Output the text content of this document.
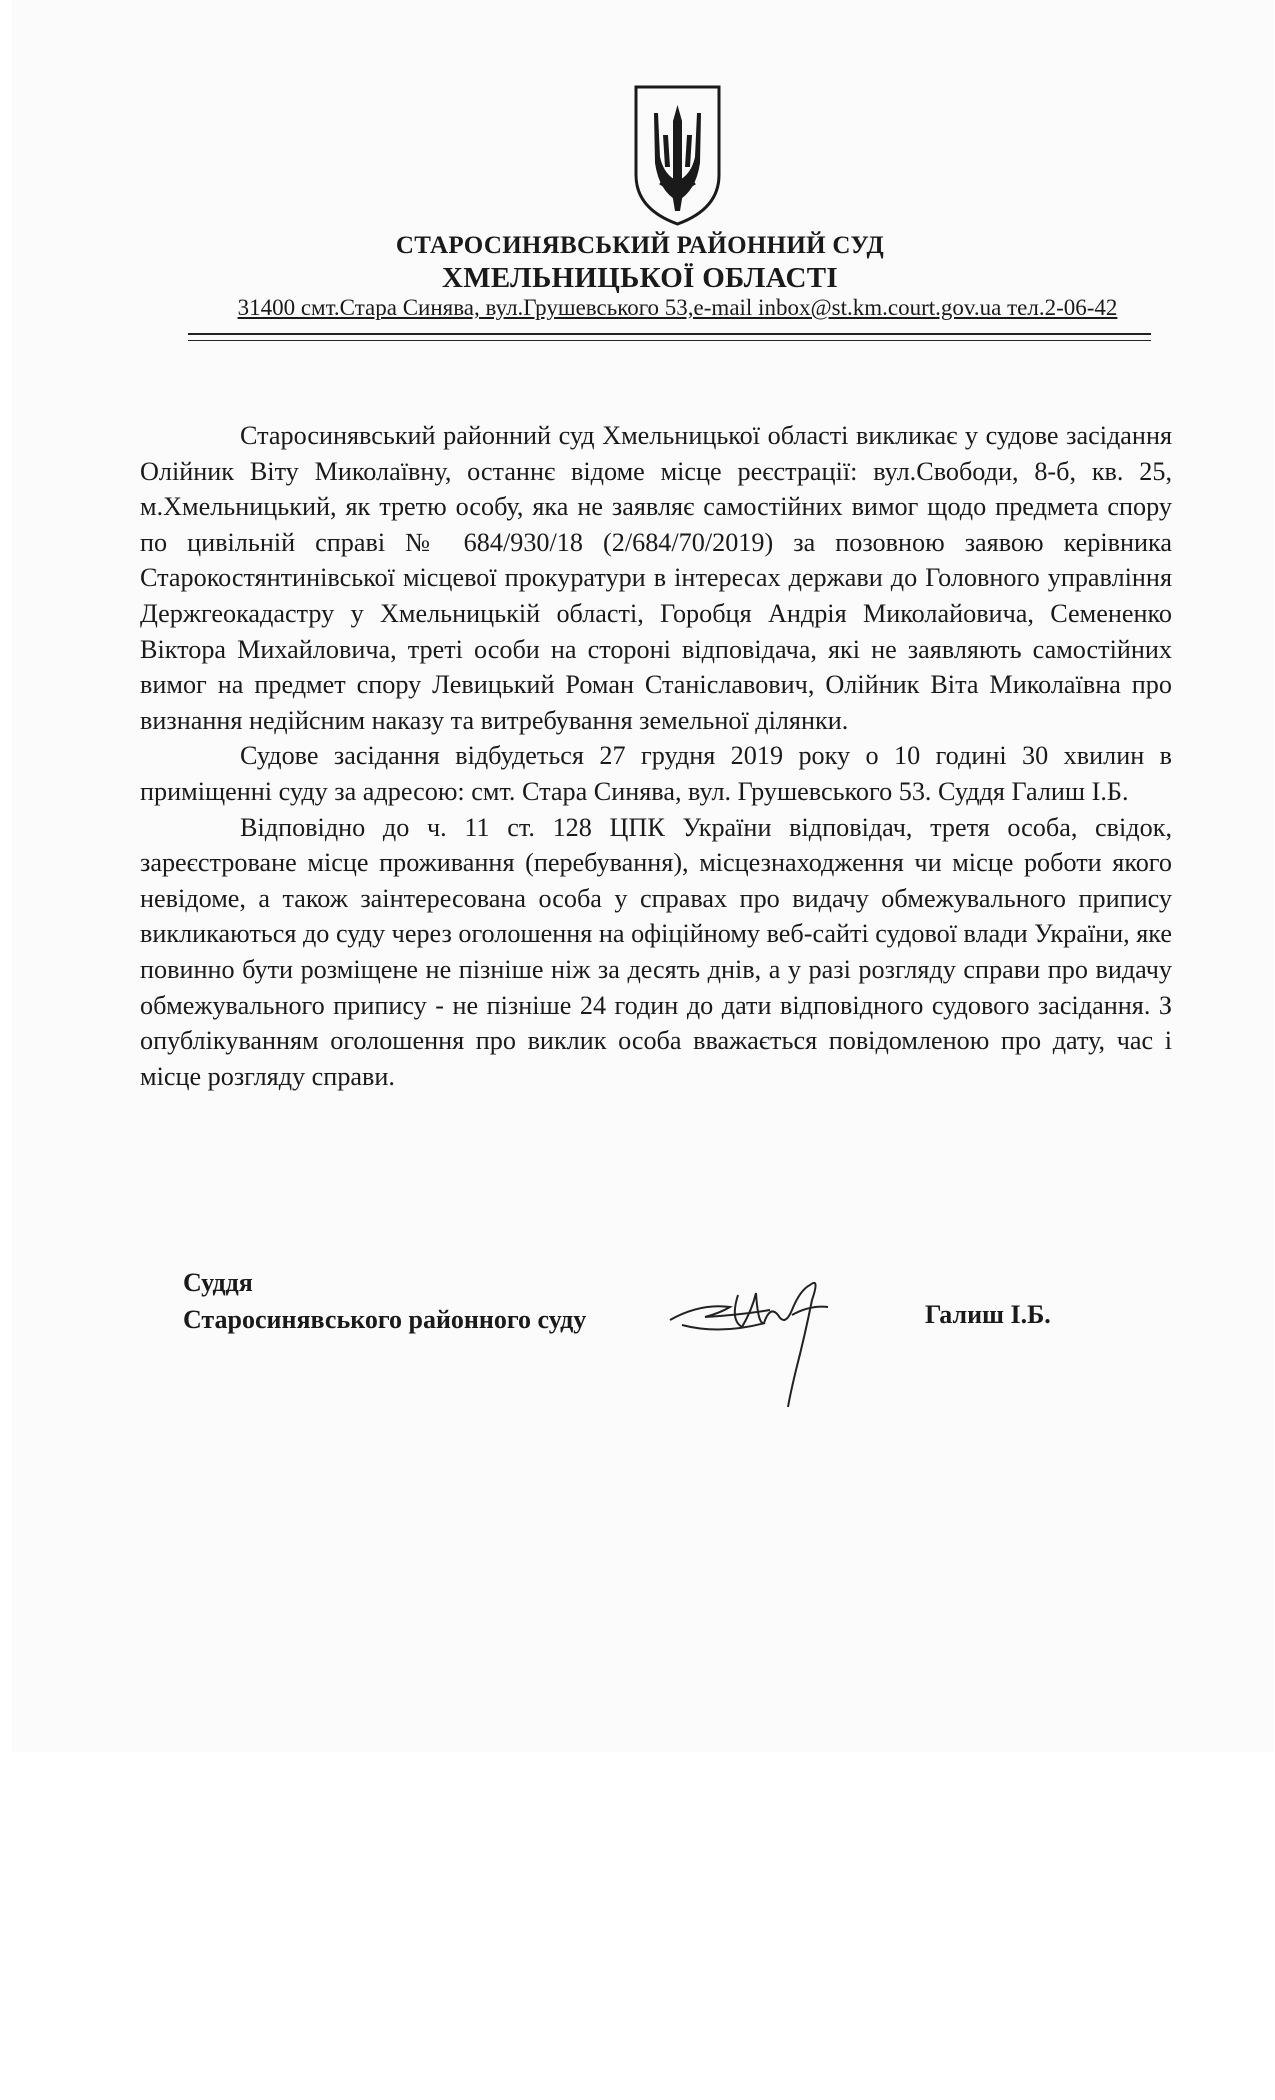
СТАРОСИНЯВСЬКИЙ РАЙОННИЙ СУД
ХМЕЛЬНИЦЬКОЇ ОБЛАСТІ
31400 смт.Стара Синява, вул.Грушевського 53,e-mail inbox@st.km.court.gov.ua тел.2-06-42

Старосинявський районний суд Хмельницької області викликає у судове засідання Олійник Віту Миколаївну, останнє відоме місце реєстрації: вул.Свободи, 8-б, кв. 25, м.Хмельницький, як третю особу, яка не заявляє самостійних вимог щодо предмета спору по цивільній справі № 684/930/18 (2/684/70/2019) за позовною заявою керівника Старокостянтинівської місцевої прокуратури в інтересах держави до Головного управління Держгеокадастру у Хмельницькій області, Горобця Андрія Миколайовича, Семененко Віктора Михайловича, треті особи на стороні відповідача, які не заявляють самостійних вимог на предмет спору Левицький Роман Станіславович, Олійник Віта Миколаївна про визнання недійсним наказу та витребування земельної ділянки.

Судове засідання відбудеться 27 грудня 2019 року о 10 годині 30 хвилин в приміщенні суду за адресою: смт. Стара Синява, вул. Грушевського 53. Суддя Галиш І.Б.

Відповідно до ч. 11 ст. 128 ЦПК України відповідач, третя особа, свідок, зареєстроване місце проживання (перебування), місцезнаходження чи місце роботи якого невідоме, а також заінтересована особа у справах про видачу обмежувального припису викликаються до суду через оголошення на офіційному веб-сайті судової влади України, яке повинно бути розміщене не пізніше ніж за десять днів, а у разі розгляду справи про видачу обмежувального припису - не пізніше 24 годин до дати відповідного судового засідання. З опублікуванням оголошення про виклик особа вважається повідомленою про дату, час і місце розгляду справи.

Суддя
Старосинявського районного суду	Галиш І.Б.
